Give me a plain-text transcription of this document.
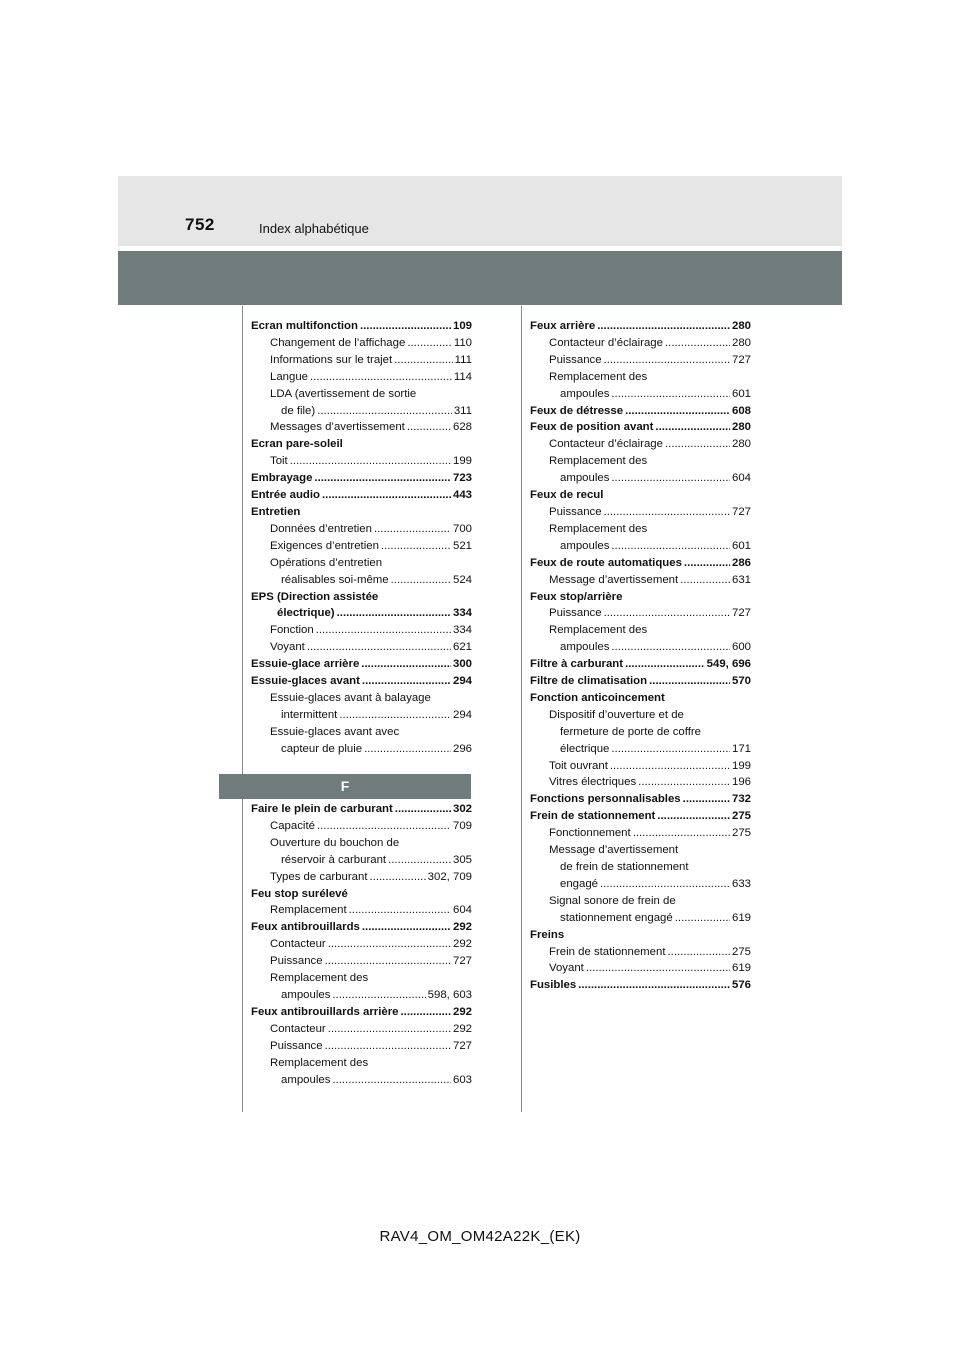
752	Index alphabétique
Ecran multifonction .....	109
Changement de l’affichage .....	110
Informations sur le trajet .....	111
Langue .....	114
LDA (avertissement de sortie
de file) .....	311
Messages d’avertissement .....	628
Ecran pare-soleil
Toit .....	199
Embrayage .....	723
Entrée audio .....	443
Entretien
Données d’entretien .....	700
Exigences d’entretien .....	521
Opérations d’entretien
réalisables soi-même .....	524
EPS (Direction assistée
électrique) .....	334
Fonction .....	334
Voyant .....	621
Essuie-glace arrière .....	300
Essuie-glaces avant .....	294
Essuie-glaces avant à balayage
intermittent .....	294
Essuie-glaces avant avec
capteur de pluie .....	296
F
Faire le plein de carburant .....	302
Capacité .....	709
Ouverture du bouchon de
réservoir à carburant .....	305
Types de carburant .....	302, 709
Feu stop surélevé
Remplacement .....	604
Feux antibrouillards .....	292
Contacteur .....	292
Puissance .....	727
Remplacement des
ampoules .....	598, 603
Feux antibrouillards arrière .....	292
Contacteur .....	292
Puissance .....	727
Remplacement des
ampoules .....	603
Feux arrière .....	280
Contacteur d’éclairage .....	280
Puissance .....	727
Remplacement des
ampoules .....	601
Feux de détresse .....	608
Feux de position avant .....	280
Contacteur d’éclairage .....	280
Remplacement des
ampoules .....	604
Feux de recul
Puissance .....	727
Remplacement des
ampoules .....	601
Feux de route automatiques .....	286
Message d’avertissement .....	631
Feux stop/arrière
Puissance .....	727
Remplacement des
ampoules .....	600
Filtre à carburant .....	549, 696
Filtre de climatisation .....	570
Fonction anticoincement
Dispositif d’ouverture et de
fermeture de porte de coffre
électrique .....	171
Toit ouvrant .....	199
Vitres électriques .....	196
Fonctions personnalisables .....	732
Frein de stationnement .....	275
Fonctionnement .....	275
Message d’avertissement
de frein de stationnement
engagé .....	633
Signal sonore de frein de
stationnement engagé .....	619
Freins
Frein de stationnement .....	275
Voyant .....	619
Fusibles .....	576
RAV4_OM_OM42A22K_(EK)
